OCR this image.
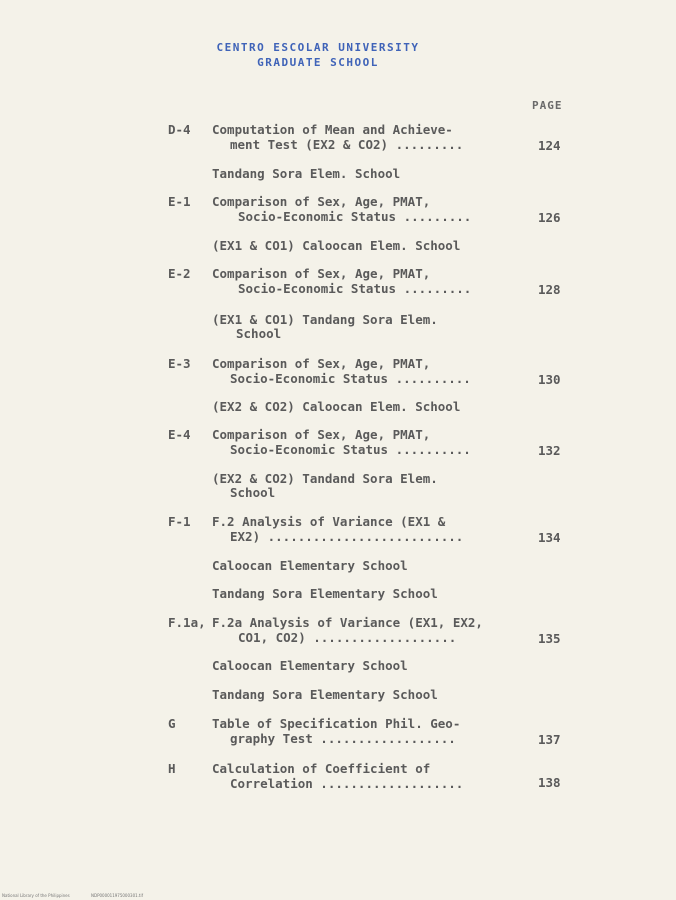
CENTRO ESCOLAR UNIVERSITY
GRADUATE SCHOOL
PAGE
D-4 Computation of Mean and Achieve-
ment Test (EX2 & CO2) .........	124
Tandang Sora Elem. School
E-1 Comparison of Sex, Age, PMAT,
Socio-Economic Status .........	126
(EX1 & CO1) Caloocan Elem. School
E-2 Comparison of Sex, Age, PMAT,
Socio-Economic Status .........	128
(EX1 & CO1) Tandang Sora Elem.
School
E-3 Comparison of Sex, Age, PMAT,
Socio-Economic Status ..........	130
(EX2 & CO2) Caloocan Elem. School
E-4 Comparison of Sex, Age, PMAT,
Socio-Economic Status ..........	132
(EX2 & CO2) Tandand Sora Elem.
School
F-1 F.2 Analysis of Variance (EX1 &
EX2) ..........................	134
Caloocan Elementary School
Tandang Sora Elementary School
F.1a, F.2a Analysis of Variance (EX1, EX2,
CO1, CO2) ...................	135
Caloocan Elementary School
Tandang Sora Elementary School
G	Table of Specification Phil. Geo-
graphy Test ..................	137
H	Calculation of Coefficient of
Correlation ...................	138
National Library of the Philippines	NDP000011975000301.tif
